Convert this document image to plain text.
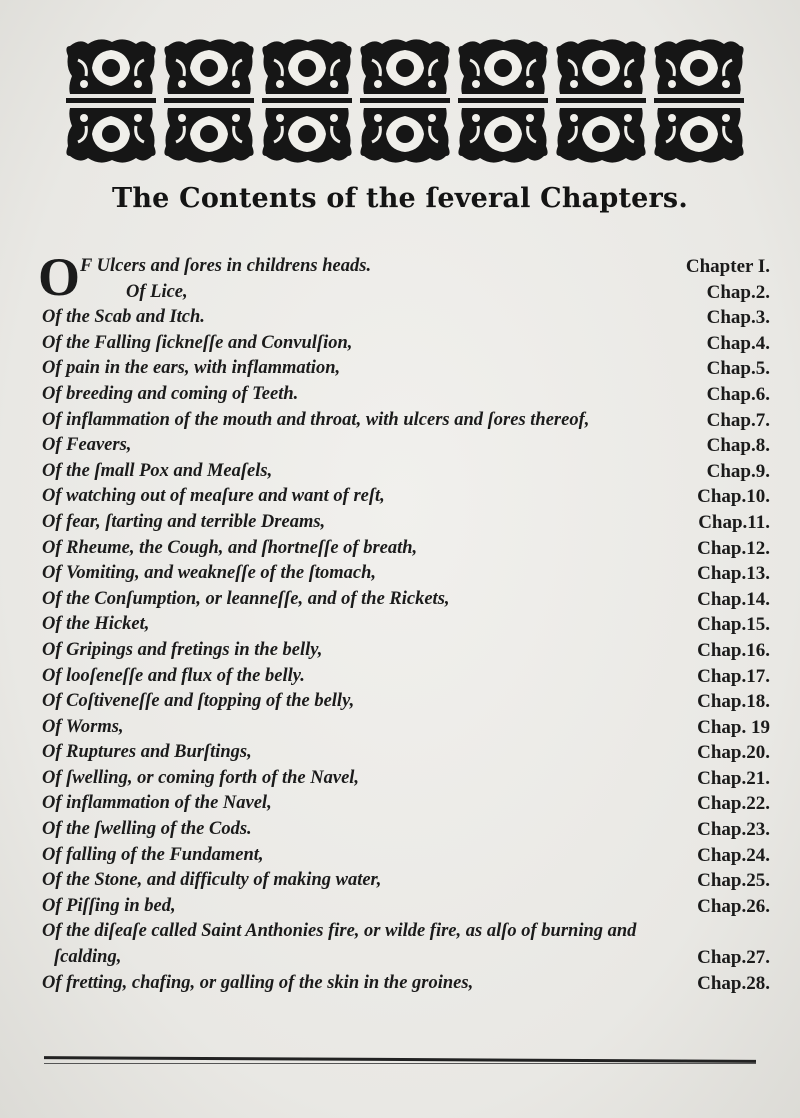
The Contents of the ſeveral Chapters.
O F Ulcers and ſores in childrens heads.	Chapter I.
Of Lice,	Chap.2.
Of the Scab and Itch.	Chap.3.
Of the Falling ſickneſſe and Convulſion,	Chap.4.
Of pain in the ears, with inflammation,	Chap.5.
Of breeding and coming of Teeth.	Chap.6.
Of inflammation of the mouth and throat, with ulcers and ſores thereof,	Chap.7.
Of Feavers,	Chap.8.
Of the ſmall Pox and Meaſels,	Chap.9.
Of watching out of meaſure and want of reſt,	Chap.10.
Of fear, ſtarting and terrible Dreams,	Chap.11.
Of Rheume, the Cough, and ſhortneſſe of breath,	Chap.12.
Of Vomiting, and weakneſſe of the ſtomach,	Chap.13.
Of the Conſumption, or leanneſſe, and of the Rickets,	Chap.14.
Of the Hicket,	Chap.15.
Of Gripings and fretings in the belly,	Chap.16.
Of looſeneſſe and flux of the belly.	Chap.17.
Of Coſtiveneſſe and ſtopping of the belly,	Chap.18.
Of Worms,	Chap. 19
Of Ruptures and Burſtings,	Chap.20.
Of ſwelling, or coming forth of the Navel,	Chap.21.
Of inflammation of the Navel,	Chap.22.
Of the ſwelling of the Cods.	Chap.23.
Of falling of the Fundament,	Chap.24.
Of the Stone, and difficulty of making water,	Chap.25.
Of Piſſing in bed,	Chap.26.
Of the diſeaſe called Saint Anthonies fire, or wilde fire, as alſo of burning and
ſcalding,	Chap.27.
Of fretting, chafing, or galling of the skin in the groines,	Chap.28.
